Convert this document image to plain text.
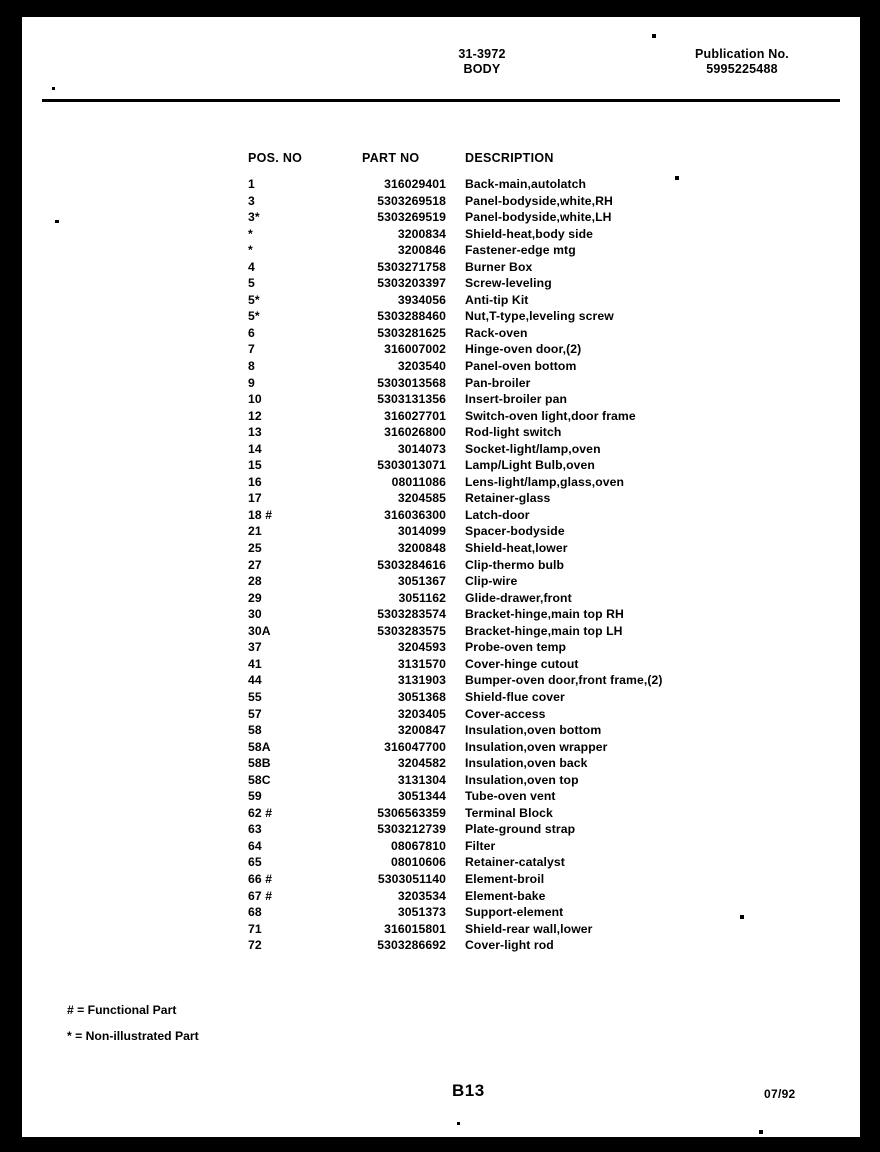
31-3972
BODY
Publication No.
5995225488
POS. NO	PART NO	DESCRIPTION
1	316029401 Back-main,autolatch
3	5303269518 Panel-bodyside,white,RH
3*	5303269519 Panel-bodyside,white,LH
*	3200834 Shield-heat,body side
*	3200846 Fastener-edge mtg
4	5303271758 Burner Box
5	5303203397 Screw-leveling
5*	3934056 Anti-tip Kit
5*	5303288460 Nut,T-type,leveling screw
6	5303281625 Rack-oven
7	316007002 Hinge-oven door,(2)
8	3203540 Panel-oven bottom
9	5303013568 Pan-broiler
10	5303131356 Insert-broiler pan
12	316027701 Switch-oven light,door frame
13	316026800 Rod-light switch
14	3014073 Socket-light/lamp,oven
15	5303013071 Lamp/Light Bulb,oven
16	08011086 Lens-light/lamp,glass,oven
17	3204585 Retainer-glass
18 #	316036300 Latch-door
21	3014099 Spacer-bodyside
25	3200848 Shield-heat,lower
27	5303284616 Clip-thermo bulb
28	3051367 Clip-wire
29	3051162 Glide-drawer,front
30	5303283574 Bracket-hinge,main top RH
30A	5303283575 Bracket-hinge,main top LH
37	3204593 Probe-oven temp
41	3131570 Cover-hinge cutout
44	3131903 Bumper-oven door,front frame,(2)
55	3051368 Shield-flue cover
57	3203405 Cover-access
58	3200847 Insulation,oven bottom
58A	316047700 Insulation,oven wrapper
58B	3204582 Insulation,oven back
58C	3131304 Insulation,oven top
59	3051344 Tube-oven vent
62 #	5306563359 Terminal Block
63	5303212739 Plate-ground strap
64	08067810 Filter
65	08010606 Retainer-catalyst
66 #	5303051140 Element-broil
67 #	3203534 Element-bake
68	3051373 Support-element
71	316015801 Shield-rear wall,lower
72	5303286692 Cover-light rod
# = Functional Part
* = Non-illustrated Part
B13	07/92
